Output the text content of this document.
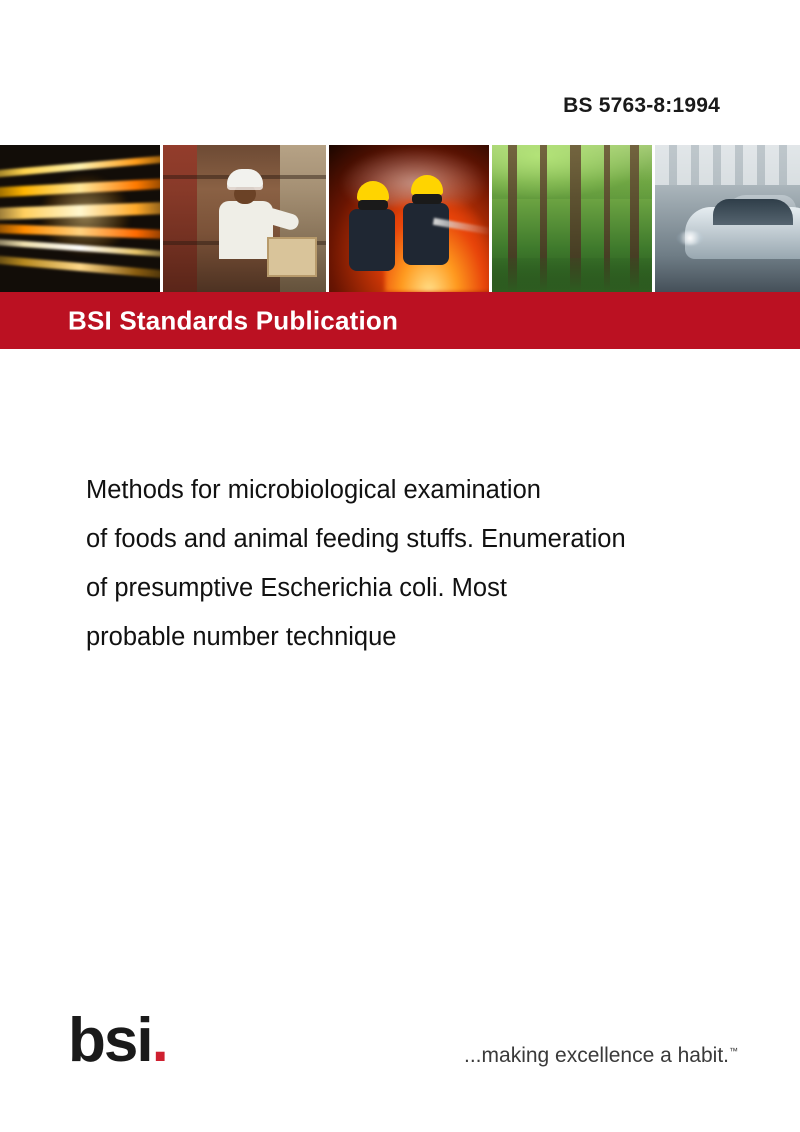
BS 5763-8:1994
BSI Standards Publication
Methods for microbiological examination
of foods and animal feeding stuffs. Enumeration
of presumptive Escherichia coli. Most
probable number technique
bsi.	...making excellence a habit.™
